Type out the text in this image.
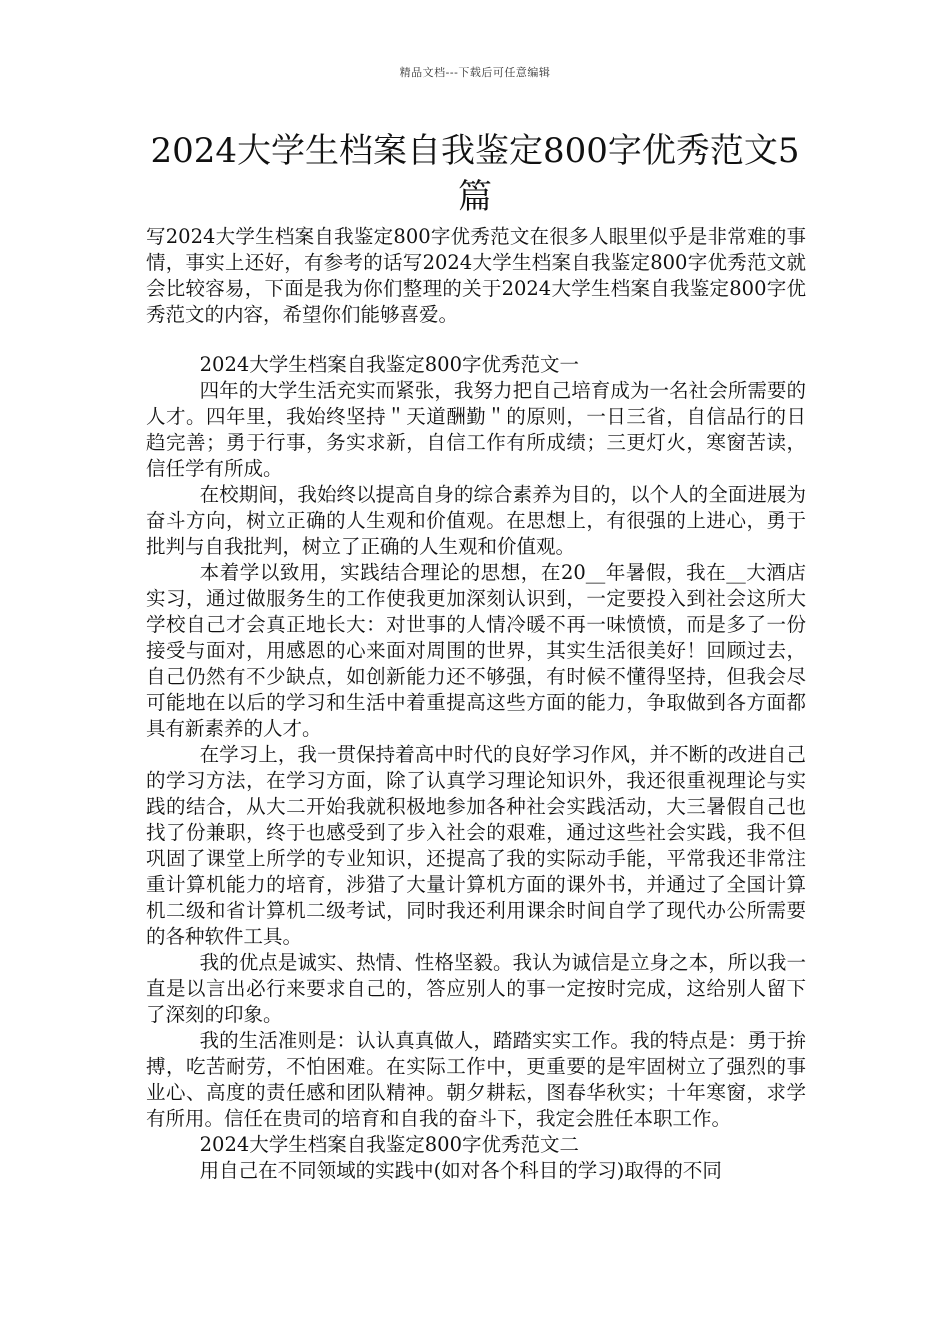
精品文档---下载后可任意编辑
2024大学生档案自我鉴定800字优秀范文5篇

写2024大学生档案自我鉴定800字优秀范文在很多人眼里似乎是非常难的事情，事实上还好，有参考的话写2024大学生档案自我鉴定800字优秀范文就会比较容易，下面是我为你们整理的关于2024大学生档案自我鉴定800字优秀范文的内容，希望你们能够喜爱。

2024大学生档案自我鉴定800字优秀范文一

四年的大学生活充实而紧张，我努力把自己培育成为一名社会所需要的人才。四年里，我始终坚持＂天道酬勤＂的原则，一日三省，自信品行的日趋完善；勇于行事，务实求新，自信工作有所成绩；三更灯火，寒窗苦读，信任学有所成。

在校期间，我始终以提高自身的综合素养为目的，以个人的全面进展为奋斗方向，树立正确的人生观和价值观。在思想上，有很强的上进心，勇于批判与自我批判，树立了正确的人生观和价值观。

本着学以致用，实践结合理论的思想，在20__年暑假，我在__大酒店实习，通过做服务生的工作使我更加深刻认识到，一定要投入到社会这所大学校自己才会真正地长大：对世事的人情冷暖不再一味愤愤，而是多了一份接受与面对，用感恩的心来面对周围的世界，其实生活很美好！回顾过去，自己仍然有不少缺点，如创新能力还不够强，有时候不懂得坚持，但我会尽可能地在以后的学习和生活中着重提高这些方面的能力，争取做到各方面都具有新素养的人才。

在学习上，我一贯保持着高中时代的良好学习作风，并不断的改进自己的学习方法，在学习方面，除了认真学习理论知识外，我还很重视理论与实践的结合，从大二开始我就积极地参加各种社会实践活动，大三暑假自己也找了份兼职，终于也感受到了步入社会的艰难，通过这些社会实践，我不但巩固了课堂上所学的专业知识，还提高了我的实际动手能，平常我还非常注重计算机能力的培育，涉猎了大量计算机方面的课外书，并通过了全国计算机二级和省计算机二级考试，同时我还利用课余时间自学了现代办公所需要的各种软件工具。

我的优点是诚实、热情、性格坚毅。我认为诚信是立身之本，所以我一直是以言出必行来要求自己的，答应别人的事一定按时完成，这给别人留下了深刻的印象。

我的生活准则是：认认真真做人，踏踏实实工作。我的特点是：勇于拚搏，吃苦耐劳，不怕困难。在实际工作中，更重要的是牢固树立了强烈的事业心、高度的责任感和团队精神。朝夕耕耘，图春华秋实；十年寒窗，求学有所用。信任在贵司的培育和自我的奋斗下，我定会胜任本职工作。

2024大学生档案自我鉴定800字优秀范文二

用自己在不同领域的实践中(如对各个科目的学习)取得的不同
